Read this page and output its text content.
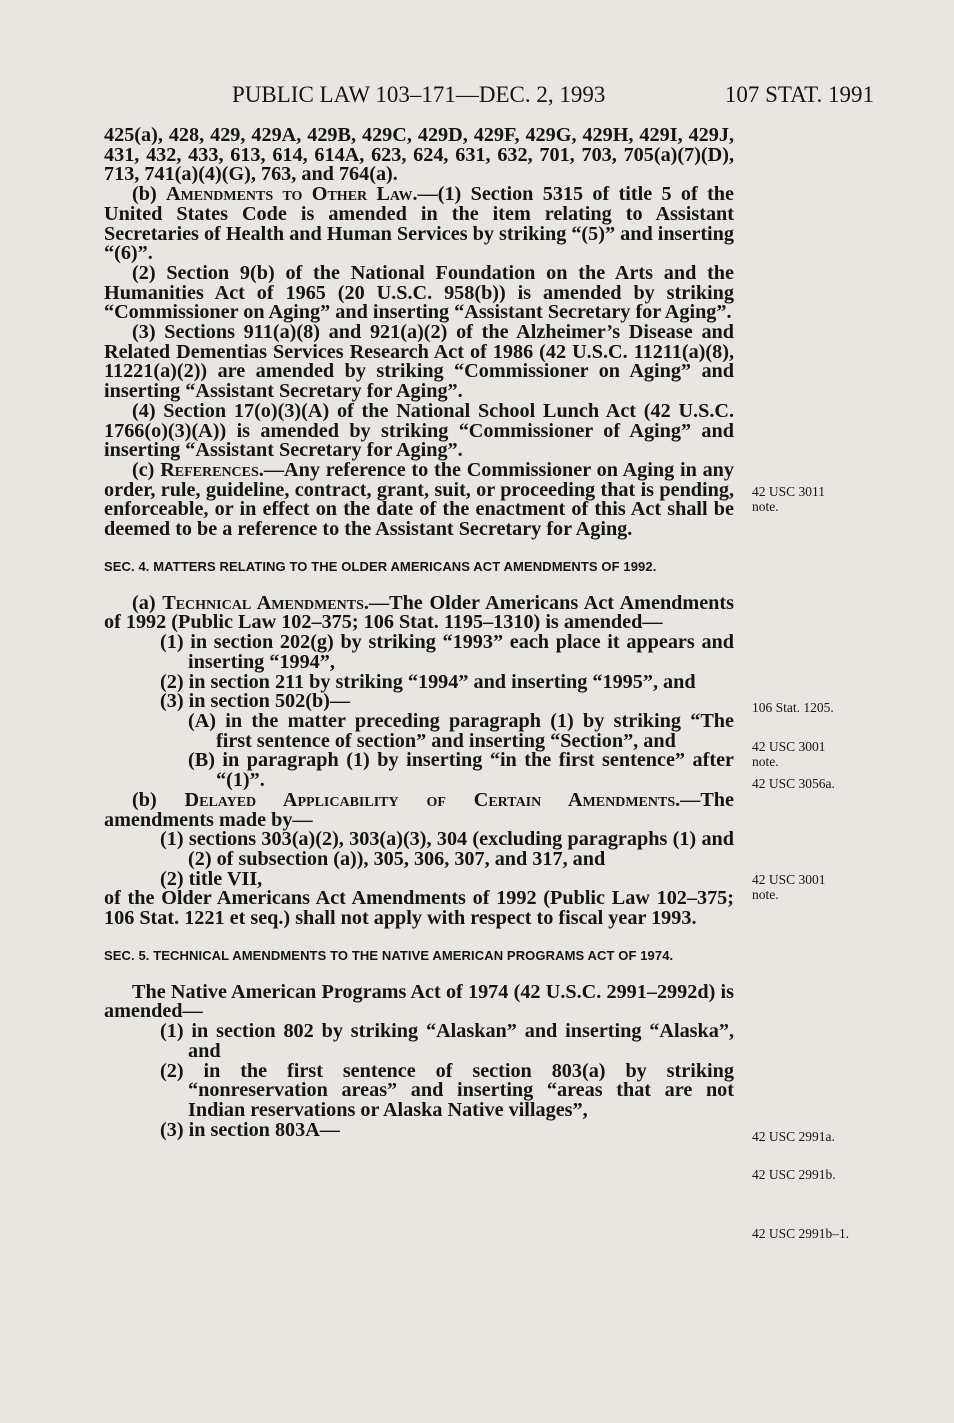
PUBLIC LAW 103–171—DEC. 2, 1993	107 STAT. 1991

425(a), 428, 429, 429A, 429B, 429C, 429D, 429F, 429G, 429H, 429I, 429J, 431, 432, 433, 613, 614, 614A, 623, 624, 631, 632, 701, 703, 705(a)(7)(D), 713, 741(a)(4)(G), 763, and 764(a).

(b) Amendments to Other Law.—(1) Section 5315 of title 5 of the United States Code is amended in the item relating to Assistant Secretaries of Health and Human Services by striking “(5)” and inserting “(6)”.

(2) Section 9(b) of the National Foundation on the Arts and the Humanities Act of 1965 (20 U.S.C. 958(b)) is amended by striking “Commissioner on Aging” and inserting “Assistant Secretary for Aging”.

(3) Sections 911(a)(8) and 921(a)(2) of the Alzheimer’s Disease and Related Dementias Services Research Act of 1986 (42 U.S.C. 11211(a)(8), 11221(a)(2)) are amended by striking “Commissioner on Aging” and inserting “Assistant Secretary for Aging”.

(4) Section 17(o)(3)(A) of the National School Lunch Act (42 U.S.C. 1766(o)(3)(A)) is amended by striking “Commissioner of Aging” and inserting “Assistant Secretary for Aging”.

(c) References.—Any reference to the Commissioner on Aging in any order, rule, guideline, contract, grant, suit, or proceeding that is pending, enforceable, or in effect on the date of the enactment of this Act shall be deemed to be a reference to the Assistant Secretary for Aging.

SEC. 4. MATTERS RELATING TO THE OLDER AMERICANS ACT AMENDMENTS OF 1992.

(a) Technical Amendments.—The Older Americans Act Amendments of 1992 (Public Law 102–375; 106 Stat. 1195–1310) is amended—

(1) in section 202(g) by striking “1993” each place it appears and inserting “1994”,

(2) in section 211 by striking “1994” and inserting “1995”, and

(3) in section 502(b)—

(A) in the matter preceding paragraph (1) by striking “The first sentence of section” and inserting “Section”, and

(B) in paragraph (1) by inserting “in the first sentence” after “(1)”.

(b) Delayed Applicability of Certain Amendments.—The amendments made by—

(1) sections 303(a)(2), 303(a)(3), 304 (excluding paragraphs (1) and (2) of subsection (a)), 305, 306, 307, and 317, and

(2) title VII,

of the Older Americans Act Amendments of 1992 (Public Law 102–375; 106 Stat. 1221 et seq.) shall not apply with respect to fiscal year 1993.

SEC. 5. TECHNICAL AMENDMENTS TO THE NATIVE AMERICAN PROGRAMS ACT OF 1974.

The Native American Programs Act of 1974 (42 U.S.C. 2991–2992d) is amended—

(1) in section 802 by striking “Alaskan” and inserting “Alaska”, and

(2) in the first sentence of section 803(a) by striking “nonreservation areas” and inserting “areas that are not Indian reservations or Alaska Native villages”,

(3) in section 803A—

42 USC 3011 note.
106 Stat. 1205.
42 USC 3001 note.
42 USC 3056a.
42 USC 3001 note.
42 USC 2991a.
42 USC 2991b.
42 USC 2991b–1.
